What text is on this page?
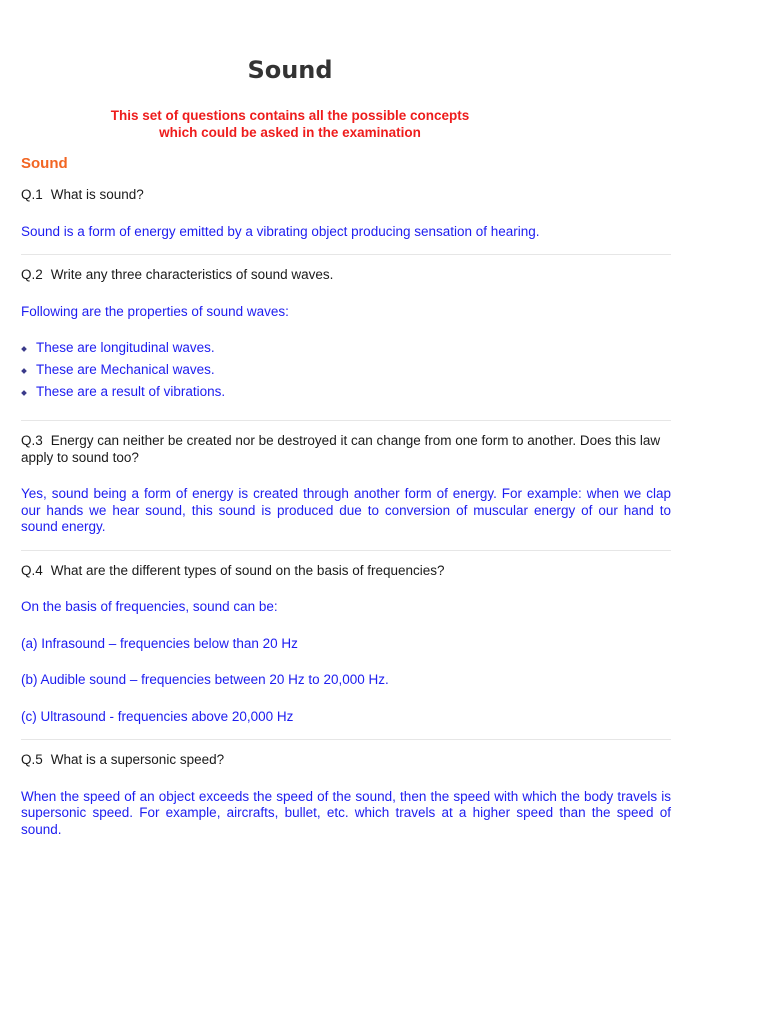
Sound

This set of questions contains all the possible concepts
which could be asked in the examination

Sound

Q.1 What is sound?

Sound is a form of energy emitted by a vibrating object producing sensation of hearing.

Q.2 Write any three characteristics of sound waves.

Following are the properties of sound waves:

These are longitudinal waves.
These are Mechanical waves.
These are a result of vibrations.

Q.3 Energy can neither be created nor be destroyed it can change from one form to another. Does this law apply to sound too?

Yes, sound being a form of energy is created through another form of energy. For example: when we clap our hands we hear sound, this sound is produced due to conversion of muscular energy of our hand to sound energy.

Q.4 What are the different types of sound on the basis of frequencies?

On the basis of frequencies, sound can be:

(a) Infrasound – frequencies below than 20 Hz

(b) Audible sound – frequencies between 20 Hz to 20,000 Hz.

(c) Ultrasound - frequencies above 20,000 Hz

Q.5 What is a supersonic speed?

When the speed of an object exceeds the speed of the sound, then the speed with which the body travels is supersonic speed. For example, aircrafts, bullet, etc. which travels at a higher speed than the speed of sound.
